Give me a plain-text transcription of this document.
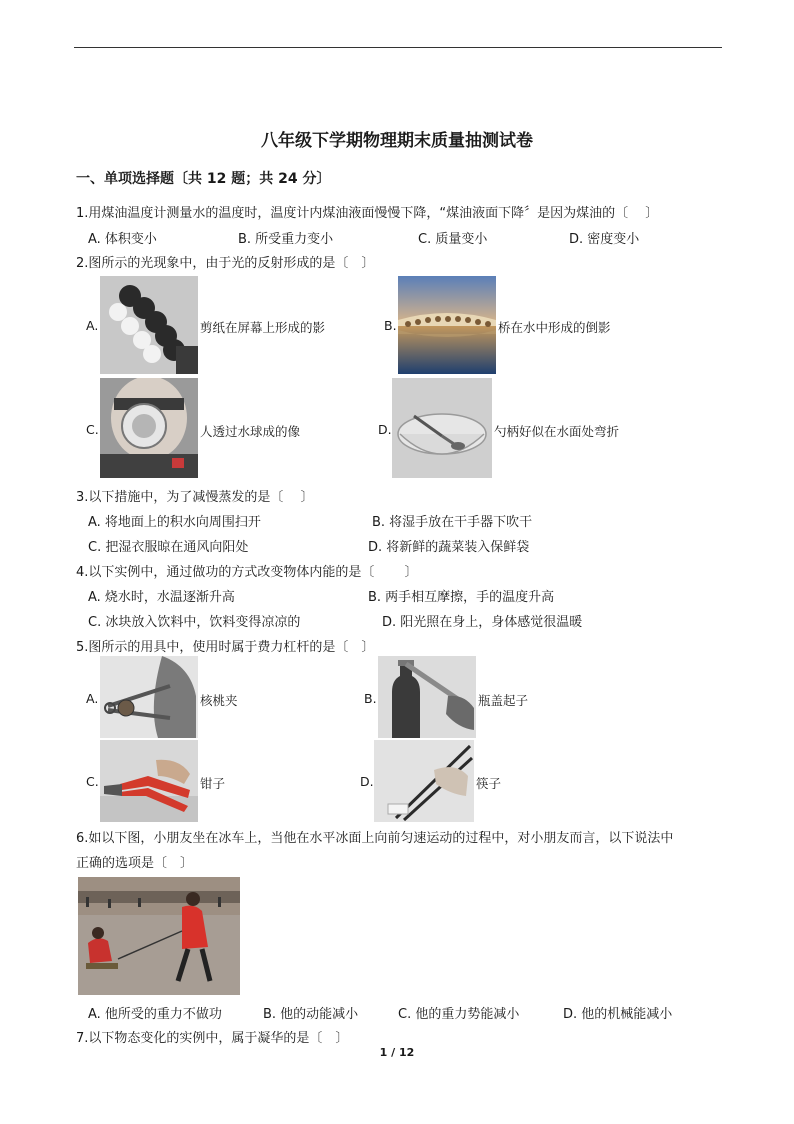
八年级下学期物理期末质量抽测试卷
一、单项选择题〔共 12 题；共 24 分〕
1.用煤油温度计测量水的温度时，温度计内煤油液面慢慢下降，“煤油液面下降〞是因为煤油的〔　 〕
A. 体积变小	B. 所受重力变小	C. 质量变小	D. 密度变小
2.图所示的光现象中，由于光的反射形成的是〔　〕
A.	剪纸在屏幕上形成的影	B.	桥在水中形成的倒影
C.	人透过水球成的像	D.	勺柄好似在水面处弯折
3.以下措施中，为了减慢蒸发的是〔　 〕
A. 将地面上的积水向周围扫开	B. 将湿手放在干手器下吹干
C. 把湿衣服晾在通风向阳处	D. 将新鲜的蔬菜装入保鲜袋
4.以下实例中，通过做功的方式改变物体内能的是〔　　 〕
A. 烧水时，水温逐渐升高	B. 两手相互摩擦，手的温度升高
C. 冰块放入饮料中，饮料变得凉凉的	D. 阳光照在身上，身体感觉很温暖
5.图所示的用具中，使用时属于费力杠杆的是〔　〕
A.	核桃夹	B.	瓶盖起子
C.	钳子	D.	筷子
6.如以下图，小朋友坐在冰车上，当他在水平冰面上向前匀速运动的过程中，对小朋友而言，以下说法中
正确的选项是〔　〕
A. 他所受的重力不做功	B. 他的动能减小	C. 他的重力势能减小	D. 他的机械能减小
7.以下物态变化的实例中，属于凝华的是〔　〕
1 / 12
